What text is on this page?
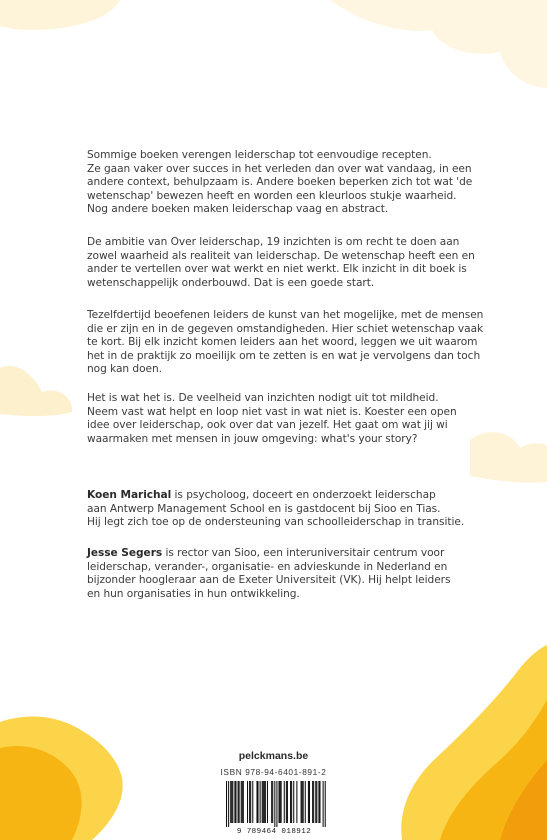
Sommige boeken verengen leiderschap tot eenvoudige recepten.
Ze gaan vaker over succes in het verleden dan over wat vandaag, in een
andere context, behulpzaam is. Andere boeken beperken zich tot wat 'de
wetenschap' bewezen heeft en worden een kleurloos stukje waarheid.
Nog andere boeken maken leiderschap vaag en abstract.

De ambitie van Over leiderschap, 19 inzichten is om recht te doen aan
zowel waarheid als realiteit van leiderschap. De wetenschap heeft een en
ander te vertellen over wat werkt en niet werkt. Elk inzicht in dit boek is
wetenschappelijk onderbouwd. Dat is een goede start.

Tezelfdertijd beoefenen leiders de kunst van het mogelijke, met de mensen
die er zijn en in de gegeven omstandigheden. Hier schiet wetenschap vaak
te kort. Bij elk inzicht komen leiders aan het woord, leggen we uit waarom
het in de praktijk zo moeilijk om te zetten is en wat je vervolgens dan toch
nog kan doen.

Het is wat het is. De veelheid van inzichten nodigt uit tot mildheid.
Neem vast wat helpt en loop niet vast in wat niet is. Koester een open
idee over leiderschap, ook over dat van jezelf. Het gaat om wat jij wi
waarmaken met mensen in jouw omgeving: what's your story?

Koen Marichal is psycholoog, doceert en onderzoekt leiderschap
aan Antwerp Management School en is gastdocent bij Sioo en Tias.
Hij legt zich toe op de ondersteuning van schoolleiderschap in transitie.

Jesse Segers is rector van Sioo, een interuniversitair centrum voor
leiderschap, verander-, organisatie- en advieskunde in Nederland en
bijzonder hoogleraar aan de Exeter Universiteit (VK). Hij helpt leiders
en hun organisaties in hun ontwikkeling.

pelckmans.be
ISBN 978-94-6401-891-2
9 789464 018912
